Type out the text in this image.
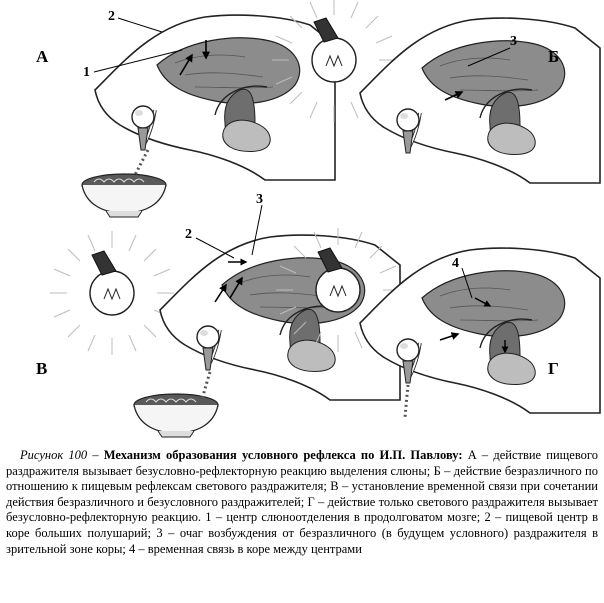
А
2
1
Б
3
В
3
2
Г
4

Рисунок 100 – Механизм образования условного рефлекса по И.П. Павлову: А – действие пищевого раздражителя вызывает безусловно-рефлекторную реакцию выделения слюны; Б – действие безразличного по отношению к пищевым рефлексам светового раздражителя; В – установление временной связи при сочетании действия безразличного и безусловного раздражителей; Г – действие только светового раздражителя вызывает безусловно-рефлекторную реакцию. 1 – центр слюноотделения в продолговатом мозге; 2 – пищевой центр в коре больших полушарий; 3 – очаг возбуждения от безразличного (в будущем условного) раздражителя в зрительной зоне коры; 4 – временная связь в коре между центрами
